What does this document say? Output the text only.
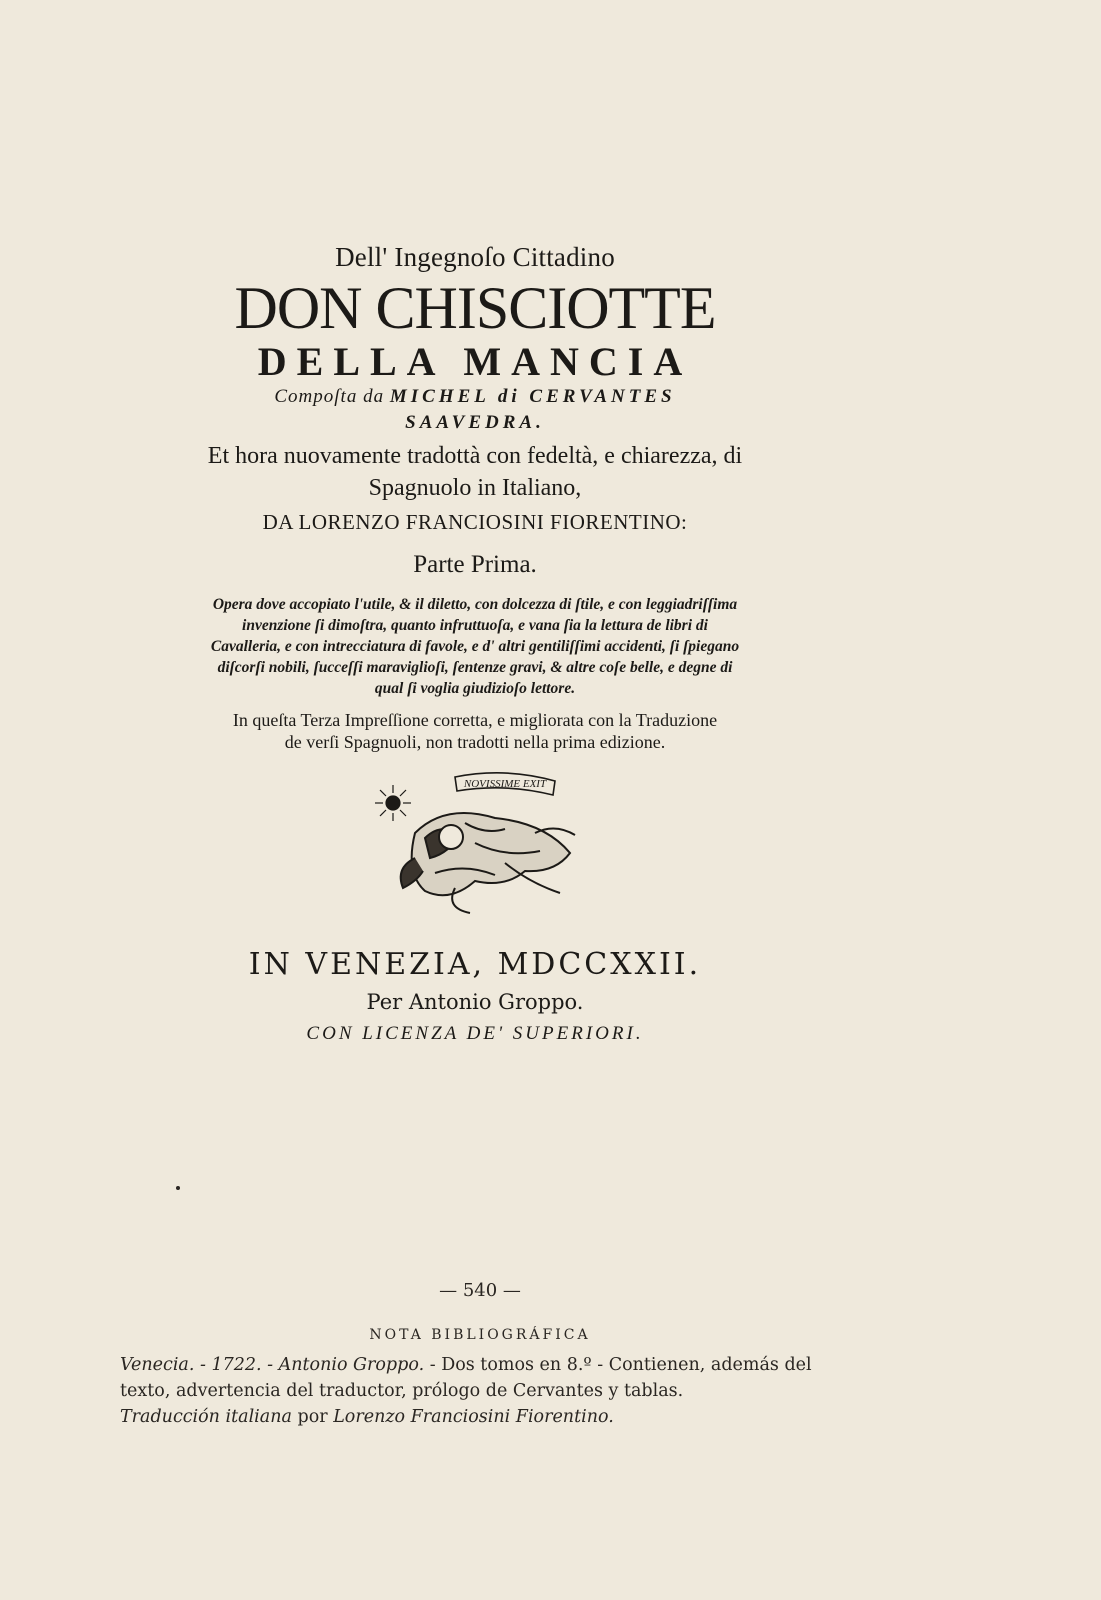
Dell' Ingegnoſo Cittadino
DON CHISCIOTTE
DELLA MANCIA
Compoſta da MICHEL di CERVANTES
SAAVEDRA.
Et hora nuovamente tradottà con fedeltà, e chiarezza, di Spagnuolo in Italiano,
DA LORENZO FRANCIOSINI FIORENTINO:
Parte Prima.
Opera dove accopiato l'utile, & il diletto, con dolcezza di ſtile, e con leggiadriſſima invenzione ſi dimoſtra, quanto infruttuoſa, e vana ſia la lettura de libri di Cavalleria, e con intrecciatura di favole, e d' altri gentiliſſimi accidenti, ſi ſpiegano diſcorſi nobili, ſucceſſi maravіglioſi, ſentenze gravi, & altre coſe belle, e degne di qual ſi voglia giudizioſo lettore.
In queſta Terza Impreſſione corretta, e migliorata con la Traduzione de verſi Spagnuoli, non tradotti nella prima edizione.
NOVISSIME EXIT
IN VENEZIA, MDCCXXII.
Per Antonio Groppo.
CON LICENZA DE' SUPERIORI.
— 540 —
NOTA BIBLIOGRÁFICA
Venecia. - 1722. - Antonio Groppo. - Dos tomos en 8.º - Contienen, además del texto, advertencia del traductor, prólogo de Cervantes y tablas.
Traducción italiana por Lorenzo Franciosini Fiorentino.
